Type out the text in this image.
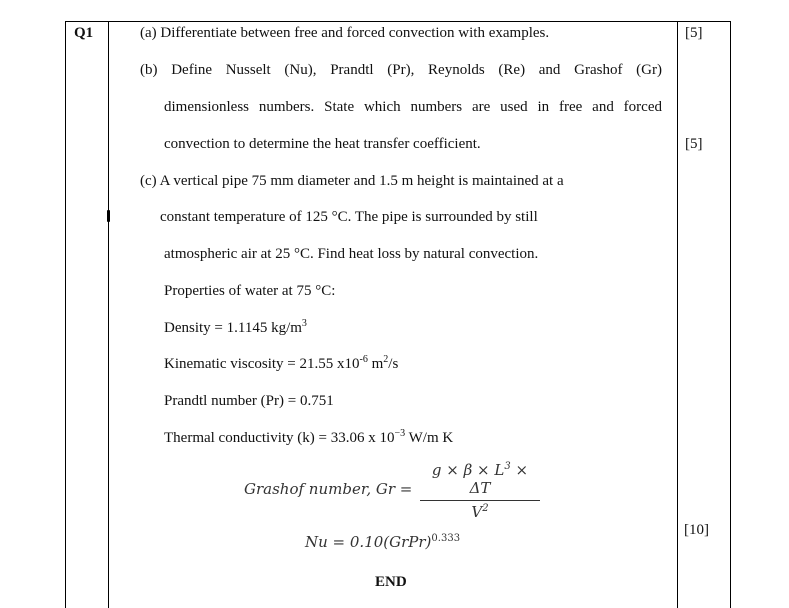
Q1	(a) Differentiate between free and forced convection with examples.	[5]
(b) Define Nusselt (Nu), Prandtl (Pr), Reynolds (Re) and Grashof (Gr)
dimensionless numbers. State which numbers are used in free and forced
convection to determine the heat transfer coefficient.	[5]
(c) A vertical pipe 75 mm diameter and 1.5 m height is maintained at a
constant temperature of 125 °C. The pipe is surrounded by still
atmospheric air at 25 °C. Find heat loss by natural convection.
Properties of water at 75 °C:
Density = 1.1145 $kg/m^3$
Kinematic viscosity = 21.55 $x10^{-6}$ $m^2/s$
Prandtl number (Pr) = 0.751
Thermal conductivity (k) = 33.06 x $10^{-3}$ W/m K
Grashof number, Gr =
$g \times \beta \times L^3 \times \Delta T$
$V^2$
Nu = 0.10(GrPr)$^{0.333}$
[10]
END
